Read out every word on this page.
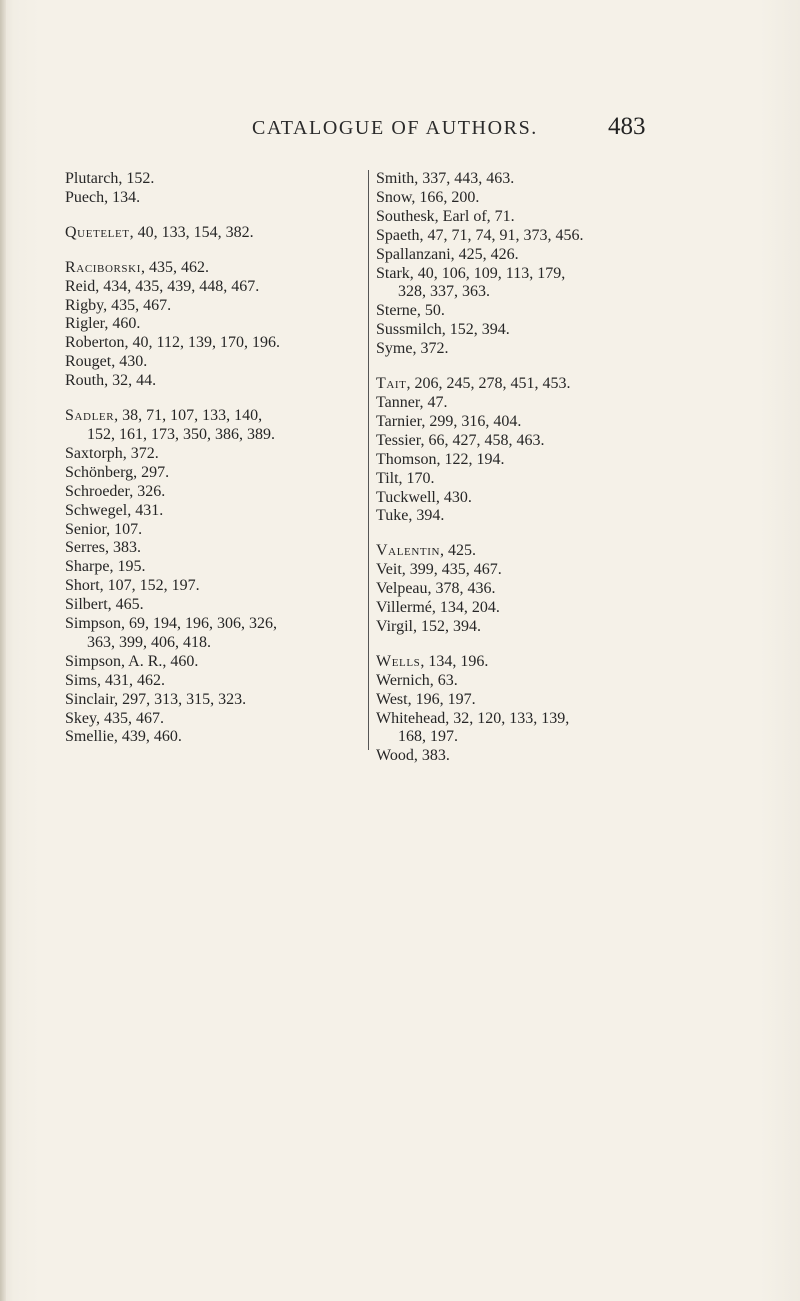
CATALOGUE OF AUTHORS.	483
Plutarch, 152.
Puech, 134.
Quetelet, 40, 133, 154, 382.
Raciborski, 435, 462.
Reid, 434, 435, 439, 448, 467.
Rigby, 435, 467.
Rigler, 460.
Roberton, 40, 112, 139, 170, 196.
Rouget, 430.
Routh, 32, 44.
Sadler, 38, 71, 107, 133, 140,
152, 161, 173, 350, 386, 389.
Saxtorph, 372.
Schönberg, 297.
Schroeder, 326.
Schwegel, 431.
Senior, 107.
Serres, 383.
Sharpe, 195.
Short, 107, 152, 197.
Silbert, 465.
Simpson, 69, 194, 196, 306, 326,
363, 399, 406, 418.
Simpson, A. R., 460.
Sims, 431, 462.
Sinclair, 297, 313, 315, 323.
Skey, 435, 467.
Smellie, 439, 460.
Smith, 337, 443, 463.
Snow, 166, 200.
Southesk, Earl of, 71.
Spaeth, 47, 71, 74, 91, 373, 456.
Spallanzani, 425, 426.
Stark, 40, 106, 109, 113, 179,
328, 337, 363.
Sterne, 50.
Sussmilch, 152, 394.
Syme, 372.
Tait, 206, 245, 278, 451, 453.
Tanner, 47.
Tarnier, 299, 316, 404.
Tessier, 66, 427, 458, 463.
Thomson, 122, 194.
Tilt, 170.
Tuckwell, 430.
Tuke, 394.
Valentin, 425.
Veit, 399, 435, 467.
Velpeau, 378, 436.
Villermé, 134, 204.
Virgil, 152, 394.
Wells, 134, 196.
Wernich, 63.
West, 196, 197.
Whitehead, 32, 120, 133, 139,
168, 197.
Wood, 383.
